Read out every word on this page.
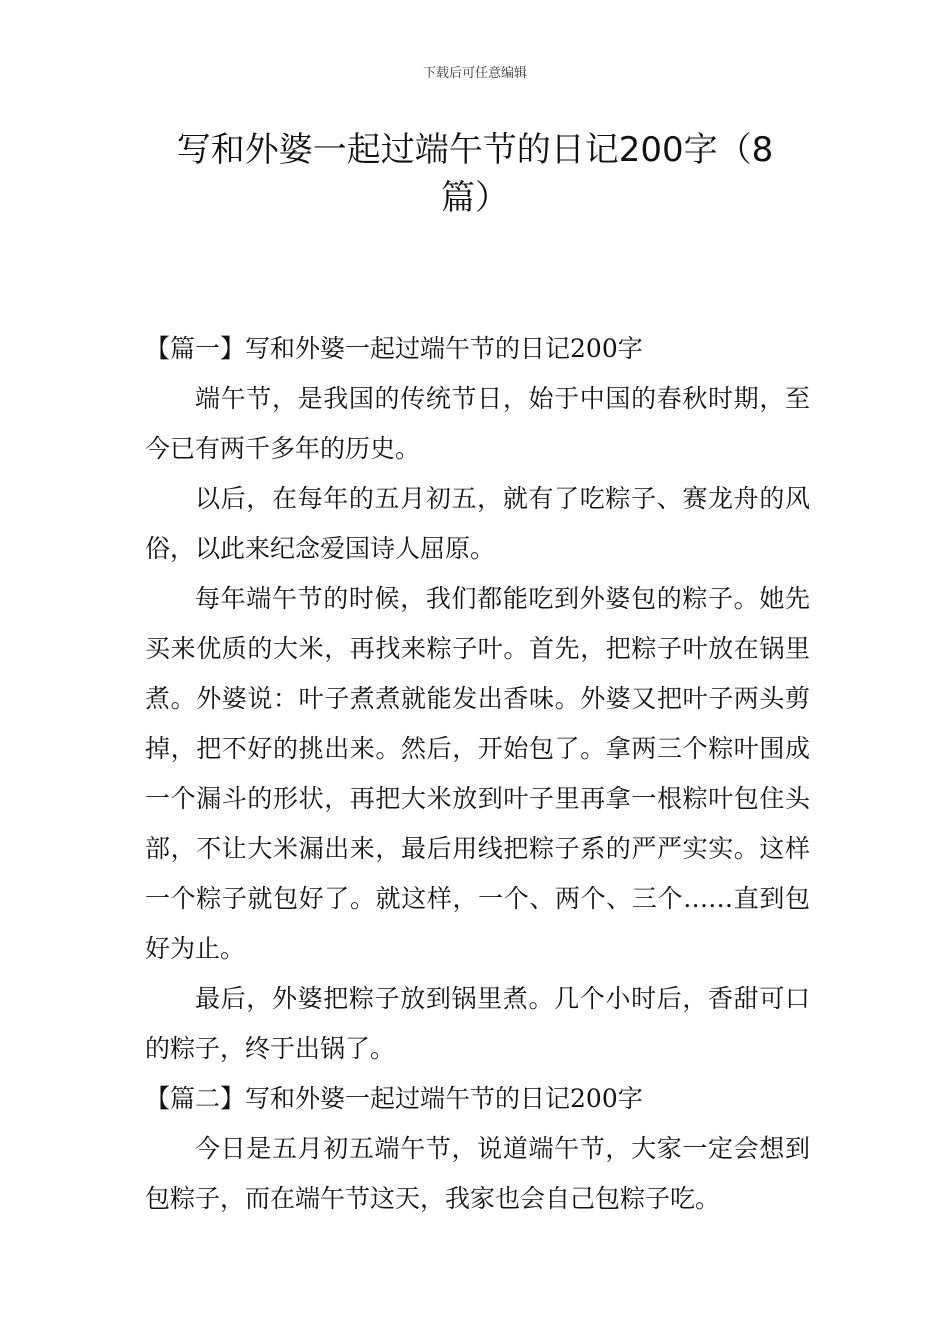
下载后可任意编辑
写和外婆一起过端午节的日记200字（8
篇）

【篇一】写和外婆一起过端午节的日记200字

端午节，是我国的传统节日，始于中国的春秋时期，至今已有两千多年的历史。

以后，在每年的五月初五，就有了吃粽子、赛龙舟的风俗，以此来纪念爱国诗人屈原。

每年端午节的时候，我们都能吃到外婆包的粽子。她先买来优质的大米，再找来粽子叶。首先，把粽子叶放在锅里煮。外婆说：叶子煮煮就能发出香味。外婆又把叶子两头剪掉，把不好的挑出来。然后，开始包了。拿两三个粽叶围成一个漏斗的形状，再把大米放到叶子里再拿一根粽叶包住头部，不让大米漏出来，最后用线把粽子系的严严实实。这样一个粽子就包好了。就这样，一个、两个、三个……直到包好为止。

最后，外婆把粽子放到锅里煮。几个小时后，香甜可口的粽子，终于出锅了。

【篇二】写和外婆一起过端午节的日记200字

今日是五月初五端午节，说道端午节，大家一定会想到包粽子，而在端午节这天，我家也会自己包粽子吃。
